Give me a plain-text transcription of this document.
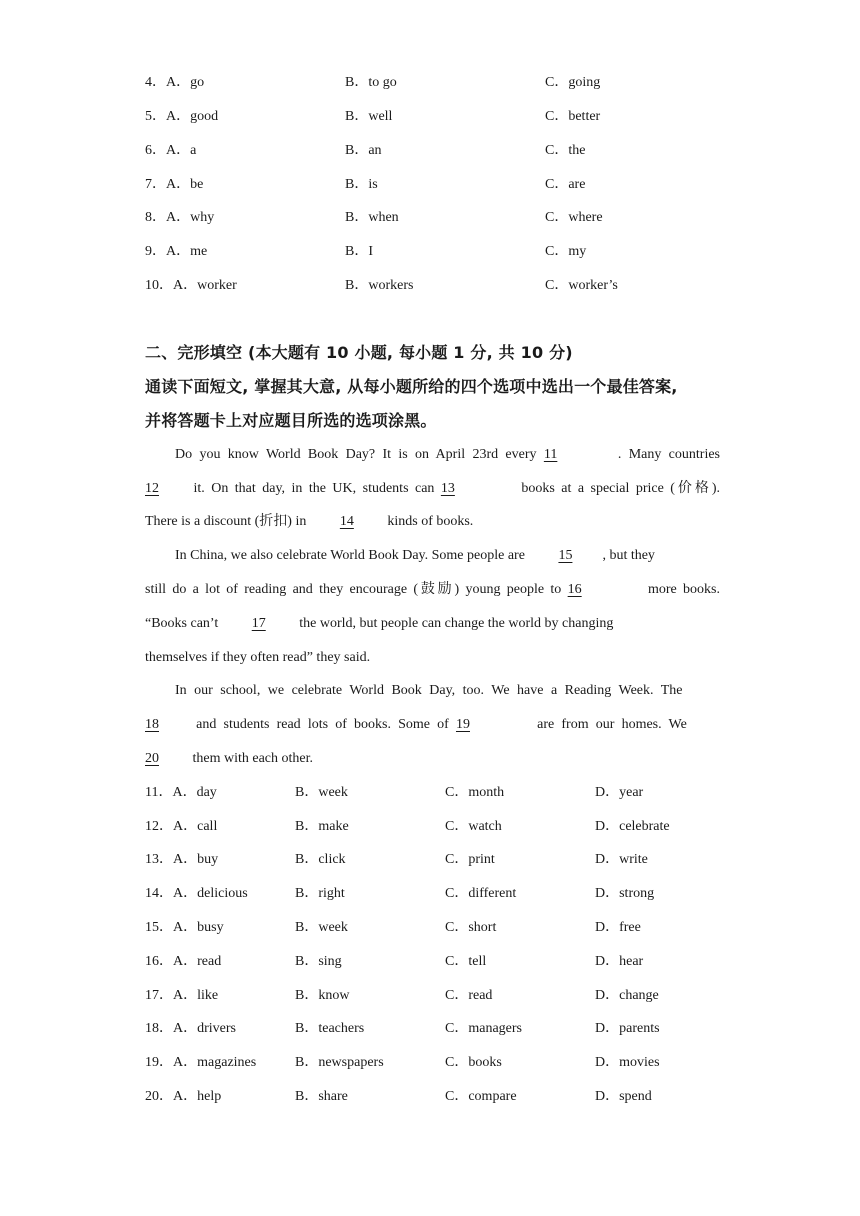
4．A．go	B．to go	C．going
5．A．good	B．well	C．better
6．A．a	B．an	C．the
7．A．be	B．is	C．are
8．A．why	B．when	C．where
9．A．me	B．I	C．my
10．A．worker	B．workers	C．worker’s
二、完形填空 (本大题有 10 小题, 每小题 1 分, 共 10 分)
通读下面短文, 掌握其大意, 从每小题所给的四个选项中选出一个最佳答案,
并将答题卡上对应题目所选的选项涂黑。
Do you know World Book Day? It is on April 23rd every 11	. Many countries
12 it. On that day, in the UK, students can 13	books at a special price (价格).
There is a discount (折扣) in 14 kinds of books.
In China, we also celebrate World Book Day. Some people are 15 , but they
still do a lot of reading and they encourage (鼓励) young people to 16	more books.
“Books can’t 17 the world, but people can change the world by changing
themselves if they often read” they said.
In our school, we celebrate World Book Day, too. We have a Reading Week. The
18	and students read lots of books. Some of 19	are from our homes. We
20 them with each other.
11．A．day	B．week	C．month	D．year
12．A．call	B．make	C．watch	D．celebrate
13．A．buy	B．click	C．print	D．write
14．A．delicious	B．right	C．different	D．strong
15．A．busy	B．week	C．short	D．free
16．A．read	B．sing	C．tell	D．hear
17．A．like	B．know	C．read	D．change
18．A．drivers	B．teachers	C．managers	D．parents
19．A．magazines	B．newspapers	C．books	D．movies
20．A．help	B．share	C．compare	D．spend
